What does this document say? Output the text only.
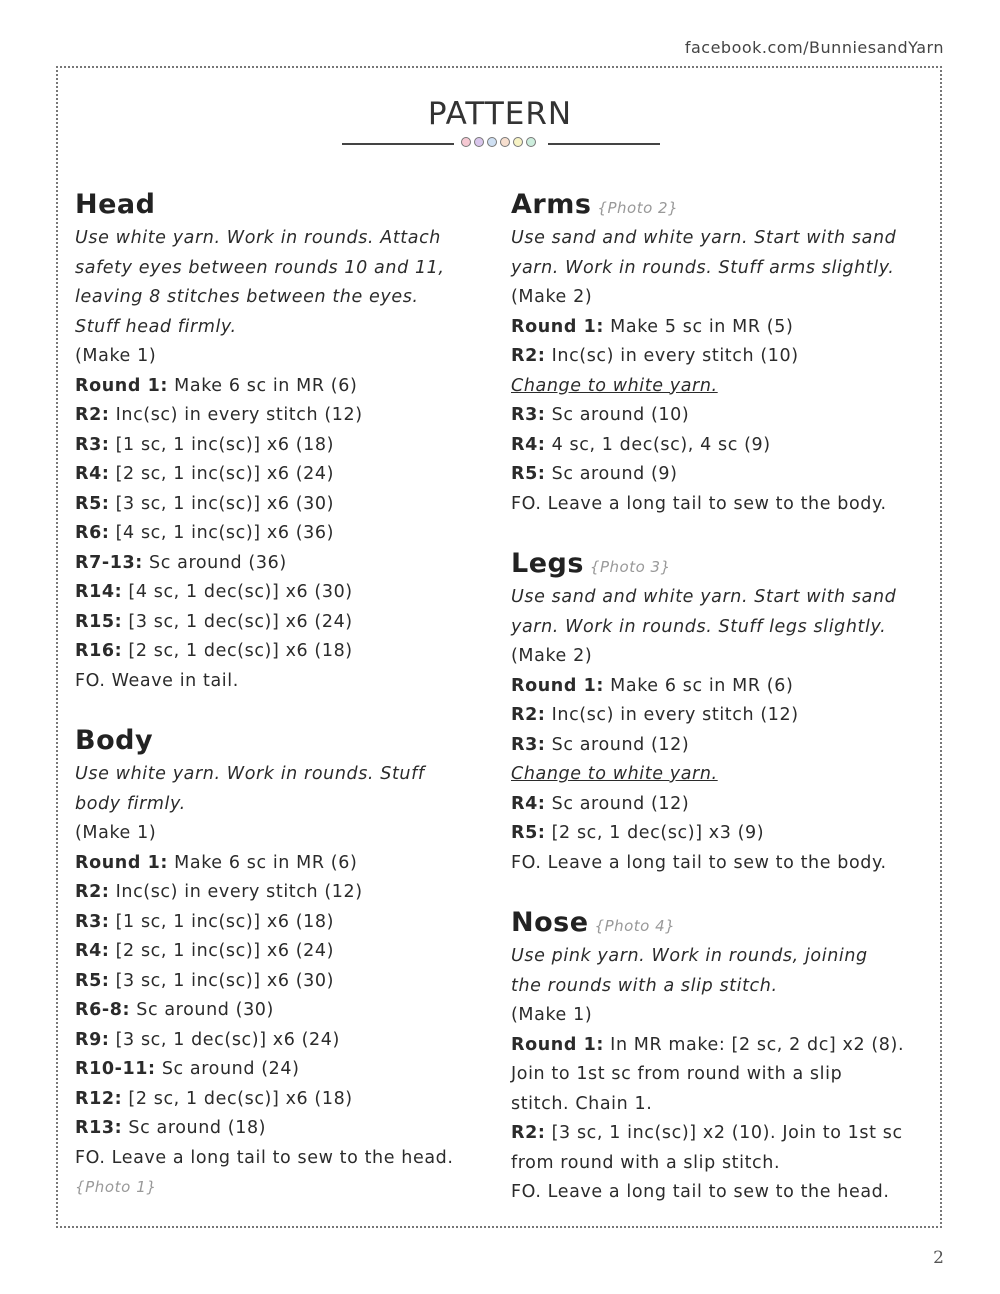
facebook.com/BunniesandYarn
PATTERN
Head
Use white yarn. Work in rounds. Attach
safety eyes between rounds 10 and 11,
leaving 8 stitches between the eyes.
Stuff head firmly.
(Make 1)
Round 1: Make 6 sc in MR (6)
R2: Inc(sc) in every stitch (12)
R3: [1 sc, 1 inc(sc)] x6 (18)
R4: [2 sc, 1 inc(sc)] x6 (24)
R5: [3 sc, 1 inc(sc)] x6 (30)
R6: [4 sc, 1 inc(sc)] x6 (36)
R7-13: Sc around (36)
R14: [4 sc, 1 dec(sc)] x6 (30)
R15: [3 sc, 1 dec(sc)] x6 (24)
R16: [2 sc, 1 dec(sc)] x6 (18)
FO. Weave in tail.
Body
Use white yarn. Work in rounds. Stuff
body firmly.
(Make 1)
Round 1: Make 6 sc in MR (6)
R2: Inc(sc) in every stitch (12)
R3: [1 sc, 1 inc(sc)] x6 (18)
R4: [2 sc, 1 inc(sc)] x6 (24)
R5: [3 sc, 1 inc(sc)] x6 (30)
R6-8: Sc around (30)
R9: [3 sc, 1 dec(sc)] x6 (24)
R10-11: Sc around (24)
R12: [2 sc, 1 dec(sc)] x6 (18)
R13: Sc around (18)
FO. Leave a long tail to sew to the head.
{Photo 1}
Arms {Photo 2}
Use sand and white yarn. Start with sand
yarn. Work in rounds. Stuff arms slightly.
(Make 2)
Round 1: Make 5 sc in MR (5)
R2: Inc(sc) in every stitch (10)
Change to white yarn.
R3: Sc around (10)
R4: 4 sc, 1 dec(sc), 4 sc (9)
R5: Sc around (9)
FO. Leave a long tail to sew to the body.
Legs {Photo 3}
Use sand and white yarn. Start with sand
yarn. Work in rounds. Stuff legs slightly.
(Make 2)
Round 1: Make 6 sc in MR (6)
R2: Inc(sc) in every stitch (12)
R3: Sc around (12)
Change to white yarn.
R4: Sc around (12)
R5: [2 sc, 1 dec(sc)] x3 (9)
FO. Leave a long tail to sew to the body.
Nose {Photo 4}
Use pink yarn. Work in rounds, joining
the rounds with a slip stitch.
(Make 1)
Round 1: In MR make: [2 sc, 2 dc] x2 (8).
Join to 1st sc from round with a slip
stitch. Chain 1.
R2: [3 sc, 1 inc(sc)] x2 (10). Join to 1st sc
from round with a slip stitch.
FO. Leave a long tail to sew to the head.
2
